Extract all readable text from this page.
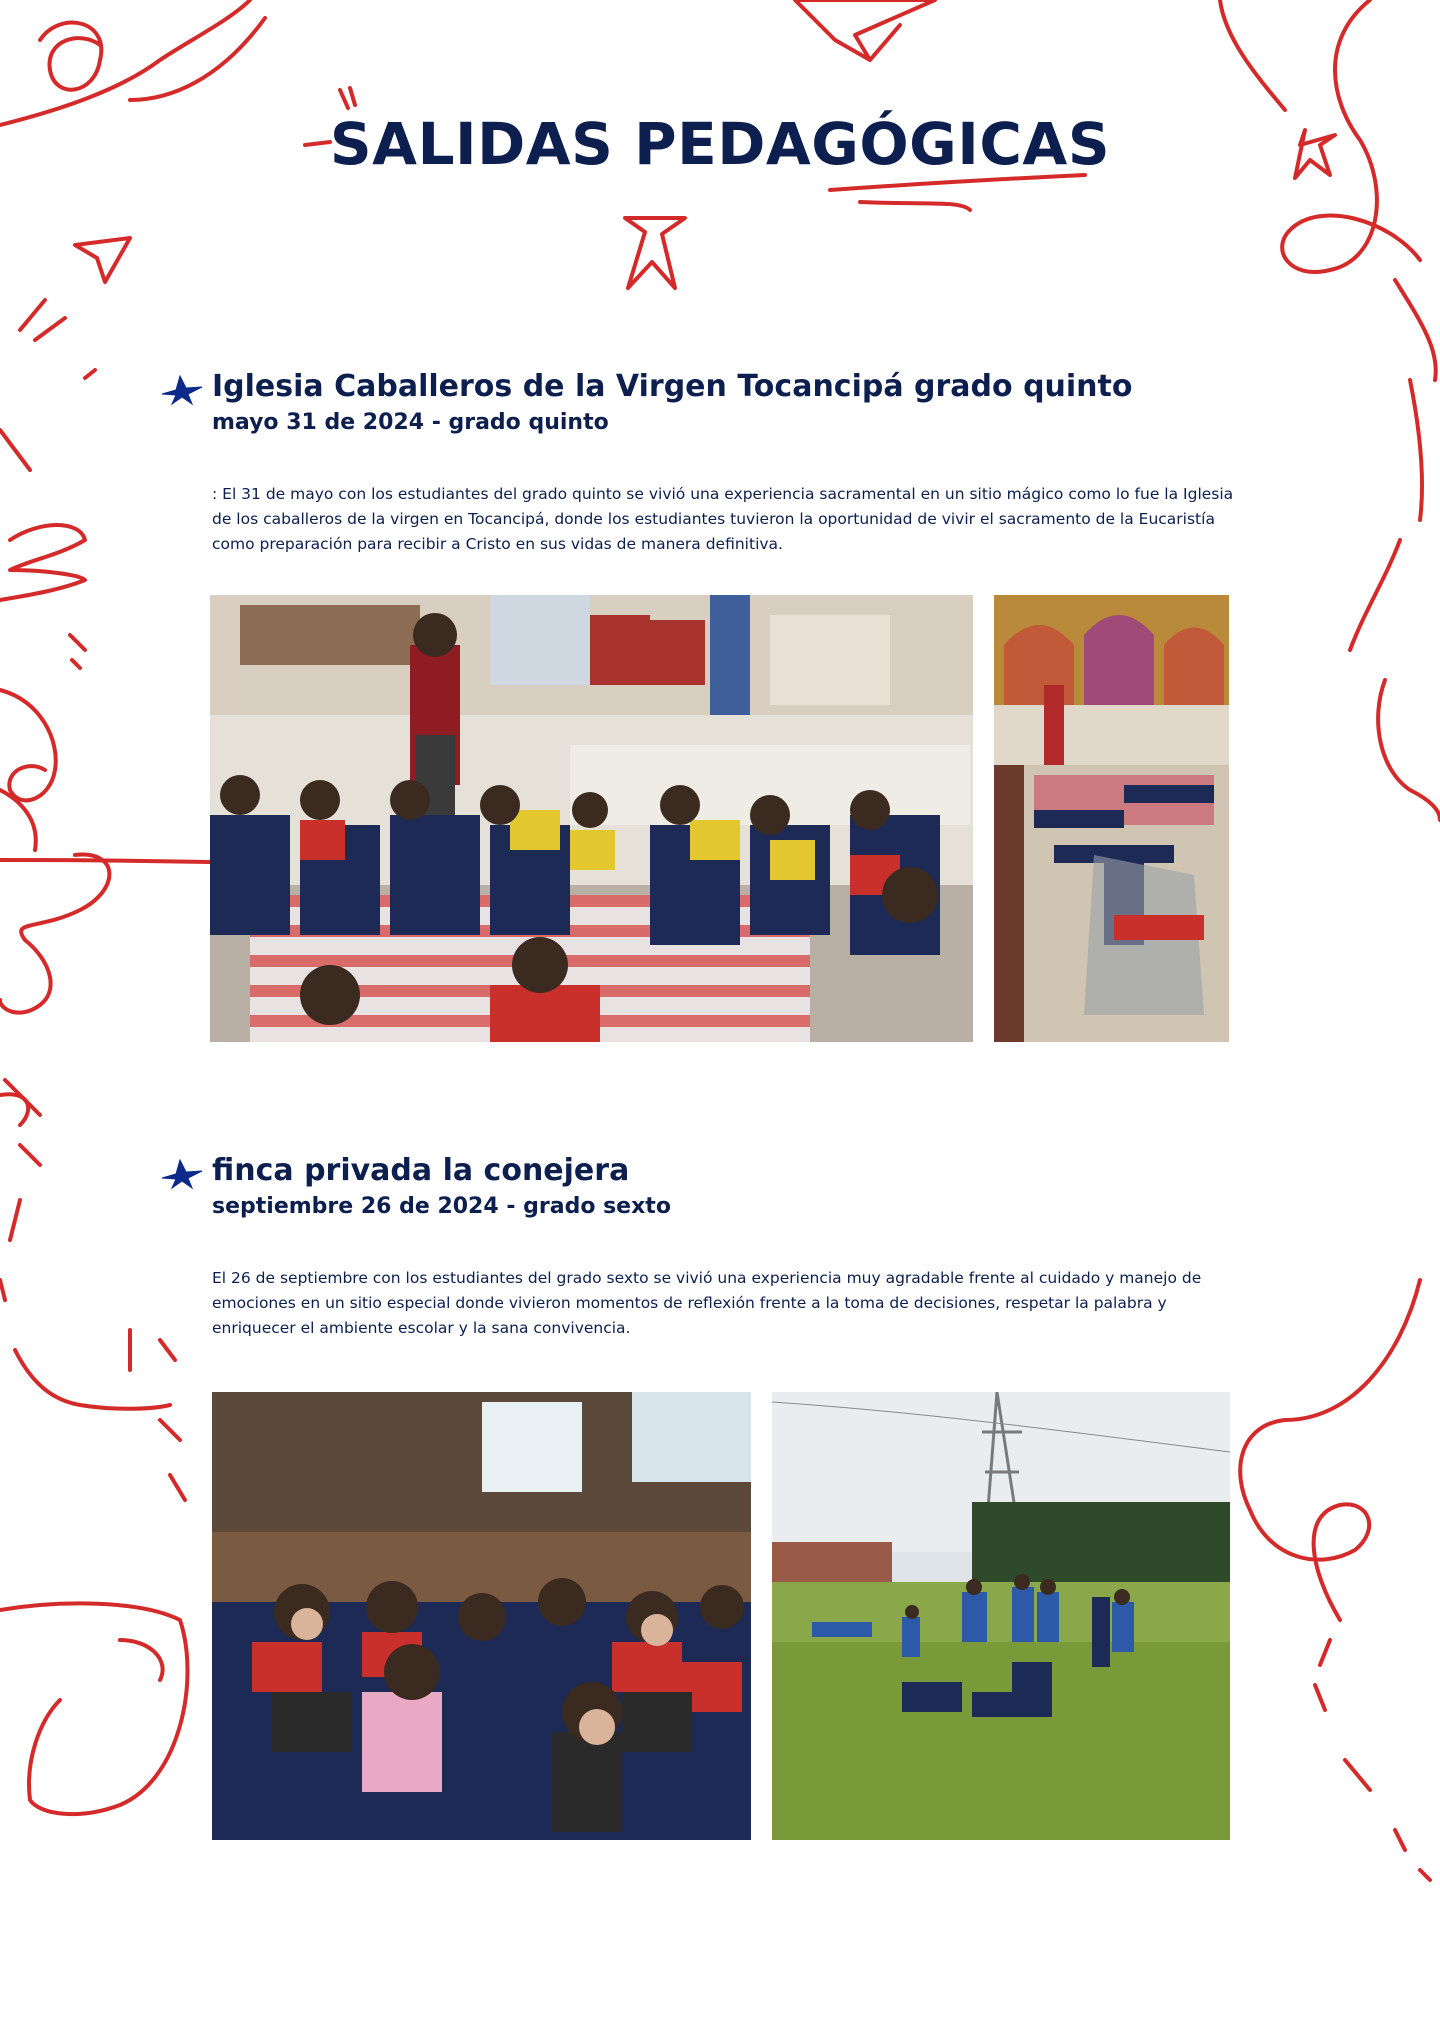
SALIDAS PEDAGÓGICAS
Iglesia Caballeros de la Virgen Tocancipá grado quinto

mayo 31 de 2024 - grado quinto

: El 31 de mayo con los estudiantes del grado quinto se vivió una experiencia sacramental en un sitio mágico como lo fue la Iglesia de los caballeros de la virgen en Tocancipá, donde los estudiantes tuvieron la oportunidad de vivir el sacramento de la Eucaristía como preparación para recibir a Cristo en sus vidas de manera definitiva.

finca privada la conejera

septiembre 26 de 2024 - grado sexto

El 26 de septiembre con los estudiantes del grado sexto se vivió una experiencia muy agradable frente al cuidado y manejo de emociones en un sitio especial donde vivieron momentos de reflexión frente a la toma de decisiones, respetar la palabra y enriquecer el ambiente escolar y la sana convivencia.
